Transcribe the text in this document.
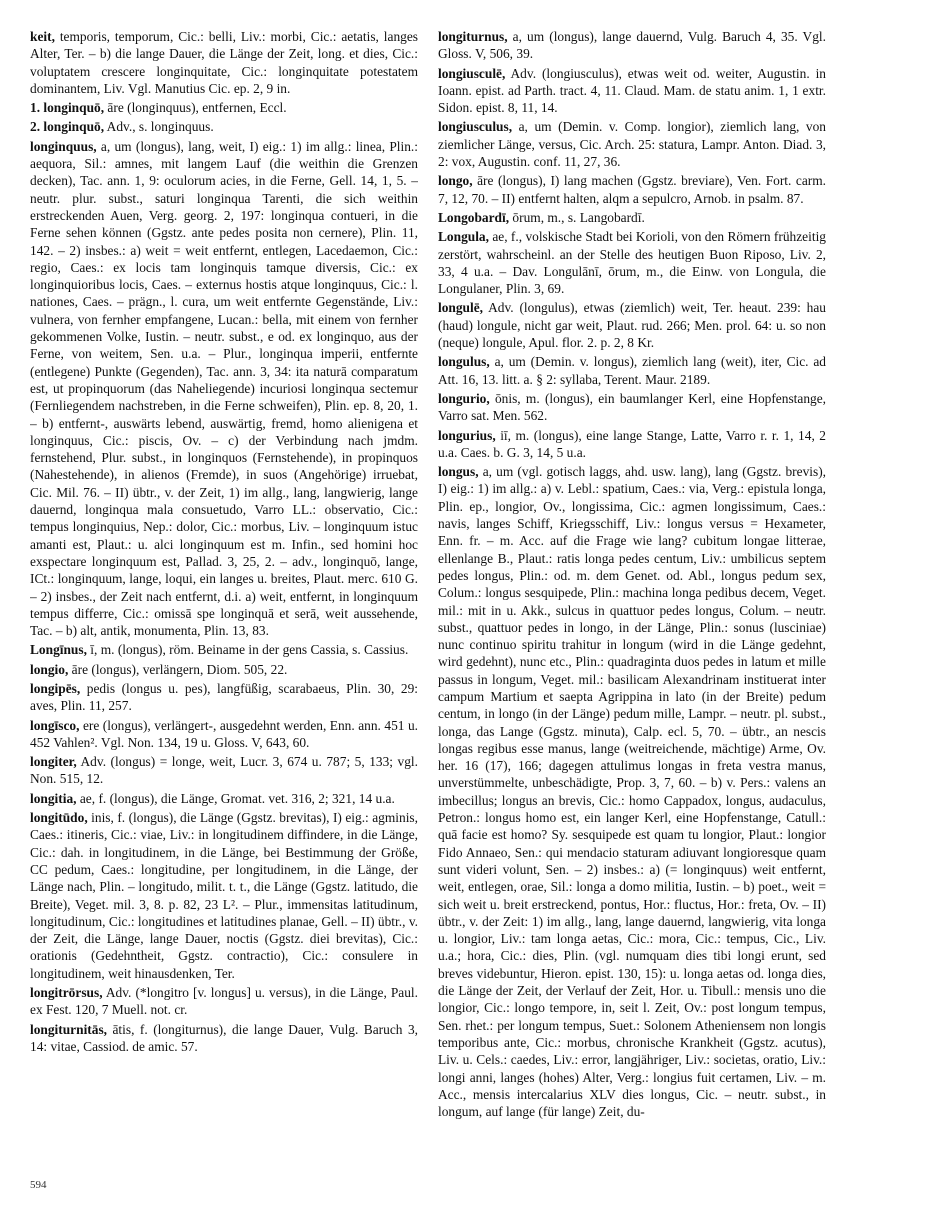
keit, temporis, temporum, Cic.: belli, Liv.: morbi, Cic.: aetatis, langes Alter, Ter. – b) die lange Dauer, die Länge der Zeit, long. et dies, Cic.: voluptatem crescere longinquitate, Cic.: longinquitate potestatem dominantem, Liv. Vgl. Manutius Cic. ep. 2, 9 in.

1. longinquō, āre (longinquus), entfernen, Eccl.

2. longinquō, Adv., s. longinquus.

longinquus, a, um (longus), lang, weit, I) eig.: 1) im allg.: linea, Plin.: aequora, Sil.: amnes, mit langem Lauf (die weithin die Grenzen decken), Tac. ann. 1, 9: oculorum acies, in die Ferne, Gell. 14, 1, 5. – neutr. plur. subst., saturi longinqua Tarenti, die sich weithin erstreckenden Auen, Verg. georg. 2, 197: longinqua contueri, in die Ferne sehen können (Ggstz. ante pedes posita non cernere), Plin. 11, 142. – 2) insbes.: a) weit = weit entfernt, entlegen, Lacedaemon, Cic.: regio, Caes.: ex locis tam longinquis tamque diversis, Cic.: ex longinquioribus locis, Caes. – externus hostis atque longinquus, Cic.: l. nationes, Caes. – prägn., l. cura, um weit entfernte Gegenstände, Liv.: vulnera, von fernher empfangene, Lucan.: bella, mit einem von fernher gekommenen Volke, Iustin. – neutr. subst., e od. ex longinquo, aus der Ferne, von weitem, Sen. u.a. – Plur., longinqua imperii, entfernte (entlegene) Punkte (Gegenden), Tac. ann. 3, 34: ita naturā comparatum est, ut propinquorum (das Naheliegende) incuriosi longinqua sectemur (Fernliegendem nachstreben, in die Ferne schweifen), Plin. ep. 8, 20, 1. – b) entfernt-, auswärts lebend, auswärtig, fremd, homo alienigena et longinquus, Cic.: piscis, Ov. – c) der Verbindung nach jmdm. fernstehend, Plur. subst., in longinquos (Fernstehende), in propinquos (Nahestehende), in alienos (Fremde), in suos (Angehörige) irruebat, Cic. Mil. 76. – II) übtr., v. der Zeit, 1) im allg., lang, langwierig, lange dauernd, longinqua mala consuetudo, Varro LL.: observatio, Cic.: tempus longinquius, Nep.: dolor, Cic.: morbus, Liv. – longinquum istuc amanti est, Plaut.: u. alci longinquum est m. Infin., sed homini hoc exspectare longinquum est, Pallad. 3, 25, 2. – adv., longinquō, lange, ICt.: longinquum, lange, loqui, ein langes u. breites, Plaut. merc. 610 G. – 2) insbes., der Zeit nach entfernt, d.i. a) weit, entfernt, in longinquum tempus differre, Cic.: omissā spe longinquā et serā, weit aussehende, Tac. – b) alt, antik, monumenta, Plin. 13, 83.

Longīnus, ī, m. (longus), röm. Beiname in der gens Cassia, s. Cassius.

longio, āre (longus), verlängern, Diom. 505, 22.

longipēs, pedis (longus u. pes), langfüßig, scarabaeus, Plin. 30, 29: aves, Plin. 11, 257.

longīsco, ere (longus), verlängert-, ausgedehnt werden, Enn. ann. 451 u. 452 Vahlen². Vgl. Non. 134, 19 u. Gloss. V, 643, 60.

longiter, Adv. (longus) = longe, weit, Lucr. 3, 674 u. 787; 5, 133; vgl. Non. 515, 12.

longitia, ae, f. (longus), die Länge, Gromat. vet. 316, 2; 321, 14 u.a.

longitūdo, inis, f. (longus), die Länge (Ggstz. brevitas), I) eig.: agminis, Caes.: itineris, Cic.: viae, Liv.: in longitudinem diffindere, in die Länge, Cic.: dah. in longitudinem, in die Länge, bei Bestimmung der Größe, CC pedum, Caes.: longitudine, per longitudinem, in die Länge, der Länge nach, Plin. – longitudo, milit. t. t., die Länge (Ggstz. latitudo, die Breite), Veget. mil. 3, 8. p. 82, 23 L². – Plur., immensitas latitudinum, longitudinum, Cic.: longitudines et latitudines planae, Gell. – II) übtr., v. der Zeit, die Länge, lange Dauer, noctis (Ggstz. diei brevitas), Cic.: orationis (Gedehntheit, Ggstz. contractio), Cic.: consulere in longitudinem, weit hinausdenken, Ter.

longitrōrsus, Adv. (*longitro [v. longus] u. versus), in die Länge, Paul. ex Fest. 120, 7 Muell. not. cr.

longiturnitās, ātis, f. (longiturnus), die lange Dauer, Vulg. Baruch 3, 14: vitae, Cassiod. de amic. 57.

longiturnus, a, um (longus), lange dauernd, Vulg. Baruch 4, 35. Vgl. Gloss. V, 506, 39.

longiusculē, Adv. (longiusculus), etwas weit od. weiter, Augustin. in Ioann. epist. ad Parth. tract. 4, 11. Claud. Mam. de statu anim. 1, 1 extr. Sidon. epist. 8, 11, 14.

longiusculus, a, um (Demin. v. Comp. longior), ziemlich lang, von ziemlicher Länge, versus, Cic. Arch. 25: statura, Lampr. Anton. Diad. 3, 2: vox, Augustin. conf. 11, 27, 36.

longo, āre (longus), I) lang machen (Ggstz. breviare), Ven. Fort. carm. 7, 12, 70. – II) entfernt halten, alqm a sepulcro, Arnob. in psalm. 87.

Longobardī, ōrum, m., s. Langobardī.

Longula, ae, f., volskische Stadt bei Korioli, von den Römern frühzeitig zerstört, wahrscheinl. an der Stelle des heutigen Buon Riposo, Liv. 2, 33, 4 u.a. – Dav. Longulānī, ōrum, m., die Einw. von Longula, die Longulaner, Plin. 3, 69.

longulē, Adv. (longulus), etwas (ziemlich) weit, Ter. heaut. 239: hau (haud) longule, nicht gar weit, Plaut. rud. 266; Men. prol. 64: u. so non (neque) longule, Apul. flor. 2. p. 2, 8 Kr.

longulus, a, um (Demin. v. longus), ziemlich lang (weit), iter, Cic. ad Att. 16, 13. litt. a. § 2: syllaba, Terent. Maur. 2189.

longurio, ōnis, m. (longus), ein baumlanger Kerl, eine Hopfenstange, Varro sat. Men. 562.

longurius, iī, m. (longus), eine lange Stange, Latte, Varro r. r. 1, 14, 2 u.a. Caes. b. G. 3, 14, 5 u.a.

longus, a, um (vgl. gotisch laggs, ahd. usw. lang), lang (Ggstz. brevis), I) eig.: 1) im allg.: a) v. Lebl.: spatium, Caes.: via, Verg.: epistula longa, Plin. ep., longior, Ov., longissima, Cic.: agmen longissimum, Caes.: navis, langes Schiff, Kriegsschiff, Liv.: longus versus = Hexameter, Enn. fr. – m. Acc. auf die Frage wie lang? cubitum longae litterae, ellenlange B., Plaut.: ratis longa pedes centum, Liv.: umbilicus septem pedes longus, Plin.: od. m. dem Genet. od. Abl., longus pedum sex, Colum.: longus sesquipede, Plin.: machina longa pedibus decem, Veget. mil.: mit in u. Akk., sulcus in quattuor pedes longus, Colum. – neutr. subst., quattuor pedes in longo, in der Länge, Plin.: sonus (lusciniae) nunc continuo spiritu trahitur in longum (wird in die Länge gedehnt, wird gedehnt), nunc etc., Plin.: quadraginta duos pedes in latum et mille passus in longum, Veget. mil.: basilicam Alexandrinam instituerat inter campum Martium et saepta Agrippina in lato (in der Breite) pedum centum, in longo (in der Länge) pedum mille, Lampr. – neutr. pl. subst., longa, das Lange (Ggstz. minuta), Calp. ecl. 5, 70. – übtr., an nescis longas regibus esse manus, lange (weitreichende, mächtige) Arme, Ov. her. 16 (17), 166; dagegen attulimus longas in freta vestra manus, unverstümmelte, unbeschädigte, Prop. 3, 7, 60. – b) v. Pers.: valens an imbecillus; longus an brevis, Cic.: homo Cappadox, longus, audaculus, Petron.: longus homo est, ein langer Kerl, eine Hopfenstange, Catull.: quā facie est homo? Sy. sesquipede est quam tu longior, Plaut.: longior Fido Annaeo, Sen.: qui mendacio staturam adiuvant longioresque quam sunt videri volunt, Sen. – 2) insbes.: a) (= longinquus) weit entfernt, weit, entlegen, orae, Sil.: longa a domo militia, Iustin. – b) poet., weit = sich weit u. breit erstreckend, pontus, Hor.: fluctus, Hor.: freta, Ov. – II) übtr., v. der Zeit: 1) im allg., lang, lange dauernd, langwierig, vita longa u. longior, Liv.: tam longa aetas, Cic.: mora, Cic.: tempus, Cic., Liv. u.a.; hora, Cic.: dies, Plin. (vgl. numquam dies tibi longi erunt, sed breves videbuntur, Hieron. epist. 130, 15): u. longa aetas od. longa dies, die Länge der Zeit, der Verlauf der Zeit, Hor. u. Tibull.: mensis uno die longior, Cic.: longo tempore, in, seit l. Zeit, Ov.: post longum tempus, Sen. rhet.: per longum tempus, Suet.: Solonem Atheniensem non longis temporibus ante, Cic.: morbus, chronische Krankheit (Ggstz. acutus), Liv. u. Cels.: caedes, Liv.: error, langjähriger, Liv.: societas, oratio, Liv.: longi anni, langes (hohes) Alter, Verg.: longius fuit certamen, Liv. – m. Acc., mensis intercalarius XLV dies longus, Cic. – neutr. subst., in longum, auf lange (für lange) Zeit, du-

594
